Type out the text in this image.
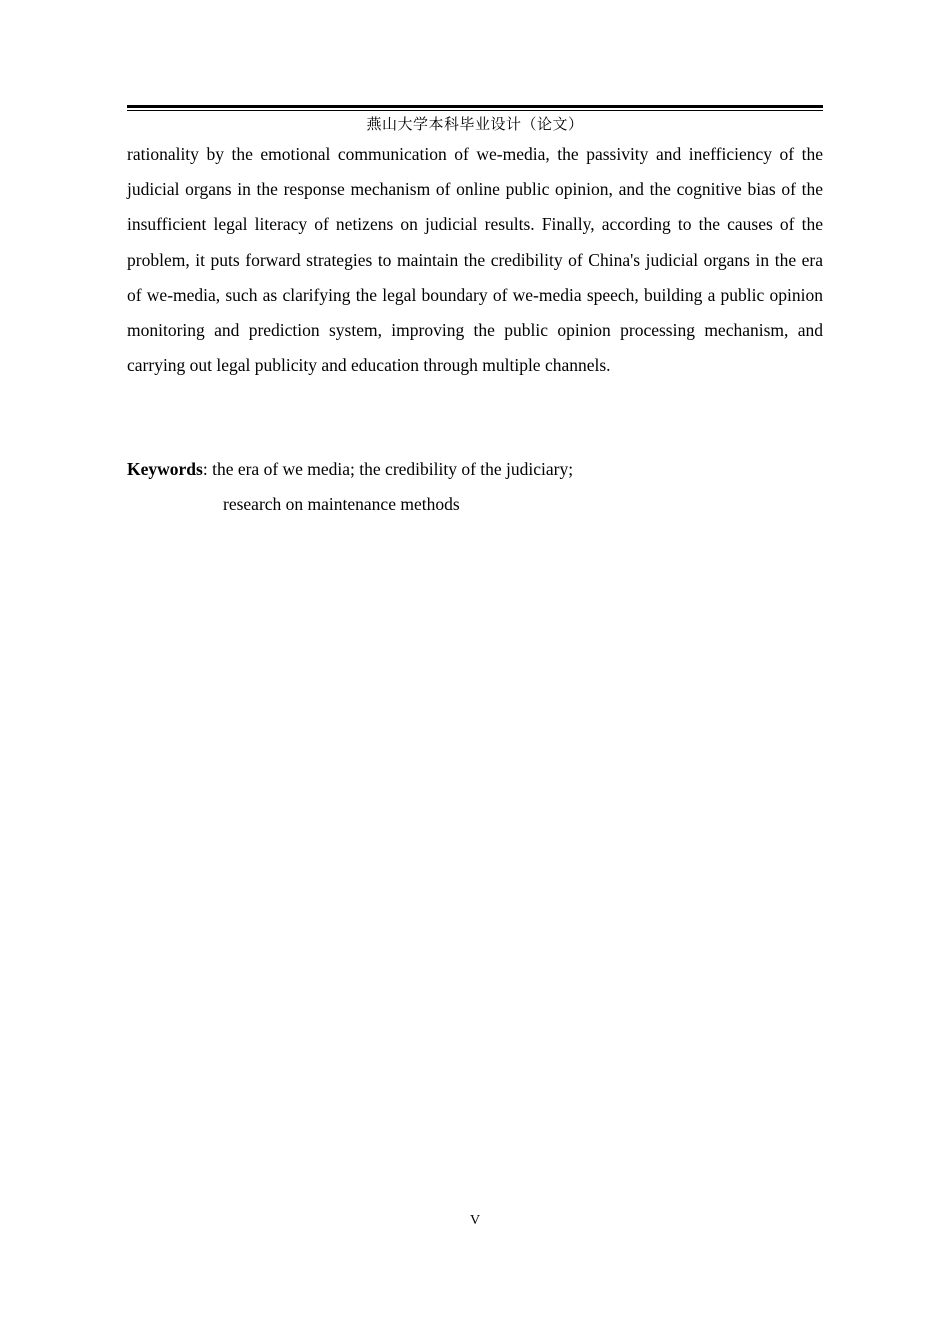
燕山大学本科毕业设计（论文）

rationality by the emotional communication of we-media, the passivity and inefficiency of the judicial organs in the response mechanism of online public opinion, and the cognitive bias of the insufficient legal literacy of netizens on judicial results. Finally, according to the causes of the problem, it puts forward strategies to maintain the credibility of China's judicial organs in the era of we-media, such as clarifying the legal boundary of we-media speech, building a public opinion monitoring and prediction system, improving the public opinion processing mechanism, and carrying out legal publicity and education through multiple channels.

Keywords: the era of we media; the credibility of the judiciary;
research on maintenance methods
V
